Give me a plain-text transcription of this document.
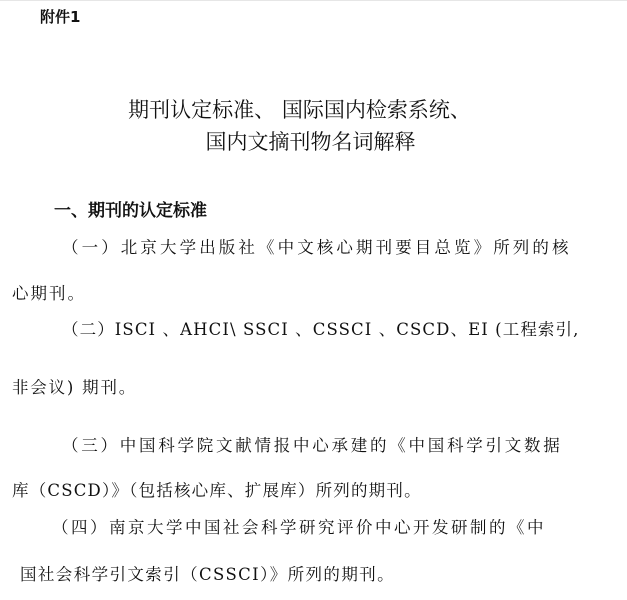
附件1
期刊认定标准、 国际国内检索系统、
国内文摘刊物名词解释
一、期刊的认定标准
（一）北京大学出版社《中文核心期刊要目总览》所列的核
心期刊。
（二）ISCI 、AHCI\ SSCI 、CSSCI 、CSCD、EI (工程索引,
非会议) 期刊。
（三）中国科学院文献情报中心承建的《中国科学引文数据
库（CSCD）》（包括核心库、扩展库）所列的期刊。
（四）南京大学中国社会科学研究评价中心开发研制的《中
国社会科学引文索引（CSSCI）》所列的期刊。
